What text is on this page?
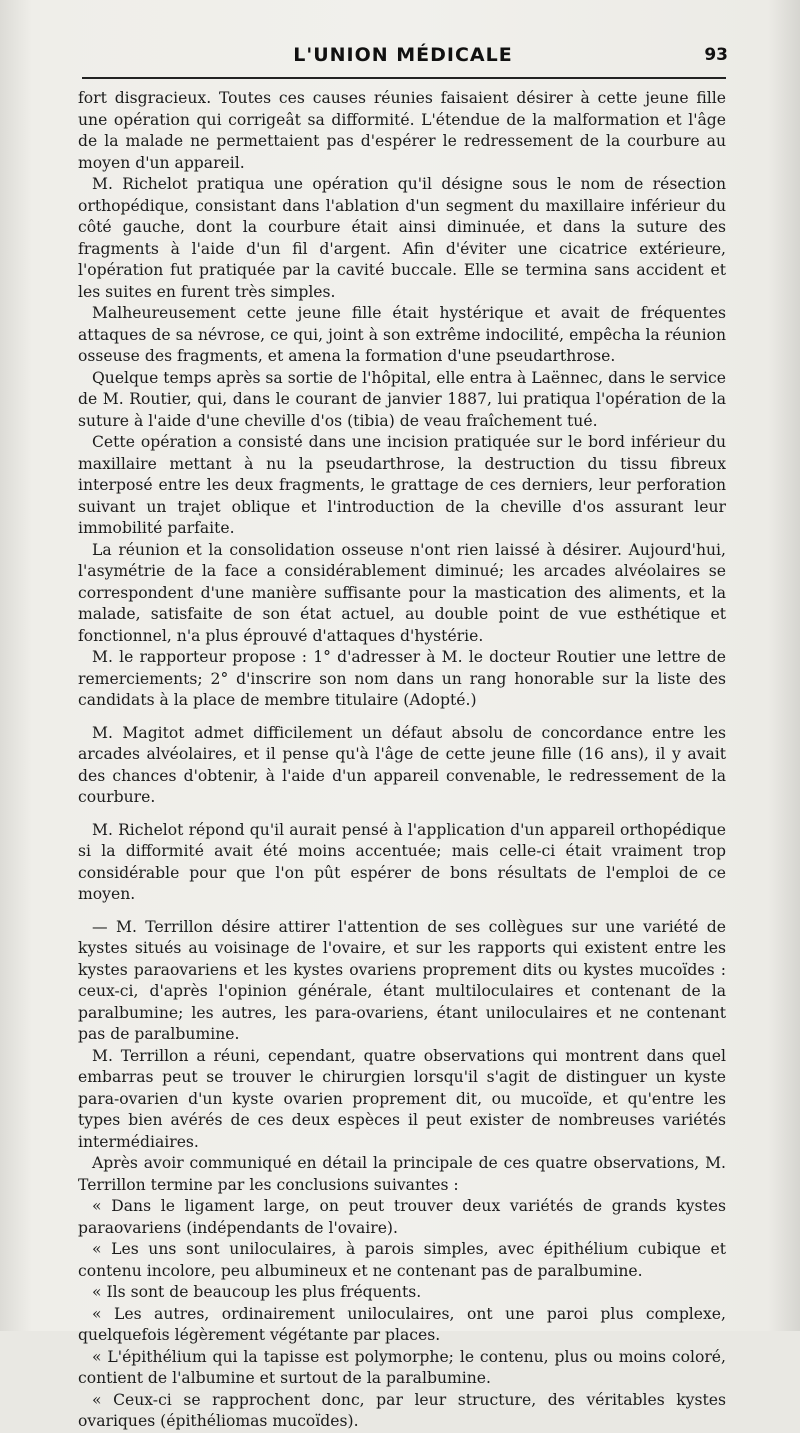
L'UNION MÉDICALE	93

fort disgracieux. Toutes ces causes réunies faisaient désirer à cette jeune fille une opération qui corrigeât sa difformité. L'étendue de la malformation et l'âge de la malade ne permettaient pas d'espérer le redressement de la courbure au moyen d'un appareil.

M. Richelot pratiqua une opération qu'il désigne sous le nom de résection orthopédique, consistant dans l'ablation d'un segment du maxillaire inférieur du côté gauche, dont la courbure était ainsi diminuée, et dans la suture des fragments à l'aide d'un fil d'argent. Afin d'éviter une cicatrice extérieure, l'opération fut pratiquée par la cavité buccale. Elle se termina sans accident et les suites en furent très simples.

Malheureusement cette jeune fille était hystérique et avait de fréquentes attaques de sa névrose, ce qui, joint à son extrême indocilité, empêcha la réunion osseuse des fragments, et amena la formation d'une pseudarthrose.

Quelque temps après sa sortie de l'hôpital, elle entra à Laënnec, dans le service de M. Routier, qui, dans le courant de janvier 1887, lui pratiqua l'opération de la suture à l'aide d'une cheville d'os (tibia) de veau fraîchement tué.

Cette opération a consisté dans une incision pratiquée sur le bord inférieur du maxillaire mettant à nu la pseudarthrose, la destruction du tissu fibreux interposé entre les deux fragments, le grattage de ces derniers, leur perforation suivant un trajet oblique et l'introduction de la cheville d'os assurant leur immobilité parfaite.

La réunion et la consolidation osseuse n'ont rien laissé à désirer. Aujourd'hui, l'asymétrie de la face a considérablement diminué; les arcades alvéolaires se correspondent d'une manière suffisante pour la mastication des aliments, et la malade, satisfaite de son état actuel, au double point de vue esthétique et fonctionnel, n'a plus éprouvé d'attaques d'hystérie.

M. le rapporteur propose : 1° d'adresser à M. le docteur Routier une lettre de remerciements; 2° d'inscrire son nom dans un rang honorable sur la liste des candidats à la place de membre titulaire (Adopté.)

M. Magitot admet difficilement un défaut absolu de concordance entre les arcades alvéolaires, et il pense qu'à l'âge de cette jeune fille (16 ans), il y avait des chances d'obtenir, à l'aide d'un appareil convenable, le redressement de la courbure.

M. Richelot répond qu'il aurait pensé à l'application d'un appareil orthopédique si la difformité avait été moins accentuée; mais celle-ci était vraiment trop considérable pour que l'on pût espérer de bons résultats de l'emploi de ce moyen.

— M. Terrillon désire attirer l'attention de ses collègues sur une variété de kystes situés au voisinage de l'ovaire, et sur les rapports qui existent entre les kystes paraovariens et les kystes ovariens proprement dits ou kystes mucoïdes : ceux-ci, d'après l'opinion générale, étant multiloculaires et contenant de la paralbumine; les autres, les para-ovariens, étant uniloculaires et ne contenant pas de paralbumine.

M. Terrillon a réuni, cependant, quatre observations qui montrent dans quel embarras peut se trouver le chirurgien lorsqu'il s'agit de distinguer un kyste para-ovarien d'un kyste ovarien proprement dit, ou mucoïde, et qu'entre les types bien avérés de ces deux espèces il peut exister de nombreuses variétés intermédiaires.

Après avoir communiqué en détail la principale de ces quatre observations, M. Terrillon termine par les conclusions suivantes :

« Dans le ligament large, on peut trouver deux variétés de grands kystes paraovariens (indépendants de l'ovaire).

« Les uns sont uniloculaires, à parois simples, avec épithélium cubique et contenu incolore, peu albumineux et ne contenant pas de paralbumine.

« Ils sont de beaucoup les plus fréquents.

« Les autres, ordinairement uniloculaires, ont une paroi plus complexe, quelquefois légèrement végétante par places.

« L'épithélium qui la tapisse est polymorphe; le contenu, plus ou moins coloré, contient de l'albumine et surtout de la paralbumine.

« Ceux-ci se rapprochent donc, par leur structure, des véritables kystes ovariques (épithéliomas mucoïdes).
